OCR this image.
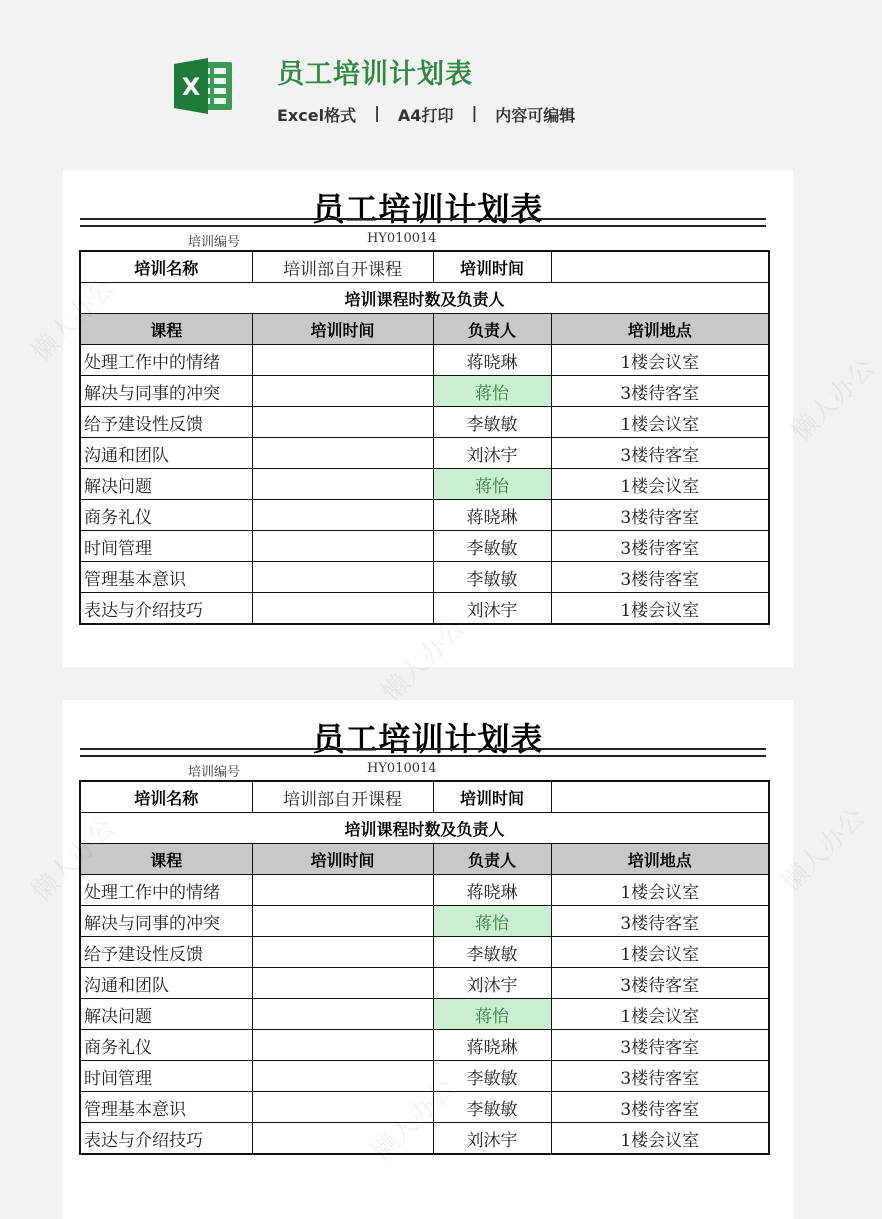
X	员工培训计划表
Excel格式 | A4打印 | 内容可编辑
员工培训计划表
培训编号	HY010014
培训名称	培训部自开课程	培训时间	
培训课程时数及负责人			
课程	培训时间	负责人	培训地点
处理工作中的情绪		蒋晓琳	1楼会议室
解决与同事的冲突		蒋怡	3楼待客室
给予建设性反馈		李敏敏	1楼会议室
沟通和团队		刘沐宇	3楼待客室
解决问题		蒋怡	1楼会议室
商务礼仪		蒋晓琳	3楼待客室
时间管理		李敏敏	3楼待客室
管理基本意识		李敏敏	3楼待客室
表达与介绍技巧		刘沐宇	1楼会议室
员工培训计划表
培训编号	HY010014
培训名称	培训部自开课程	培训时间	
培训课程时数及负责人			
课程	培训时间	负责人	培训地点
处理工作中的情绪		蒋晓琳	1楼会议室
解决与同事的冲突		蒋怡	3楼待客室
给予建设性反馈		李敏敏	1楼会议室
沟通和团队		刘沐宇	3楼待客室
解决问题		蒋怡	1楼会议室
商务礼仪		蒋晓琳	3楼待客室
时间管理		李敏敏	3楼待客室
管理基本意识		李敏敏	3楼待客室
表达与介绍技巧		刘沐宇	1楼会议室
懒人办公
懒人办公
